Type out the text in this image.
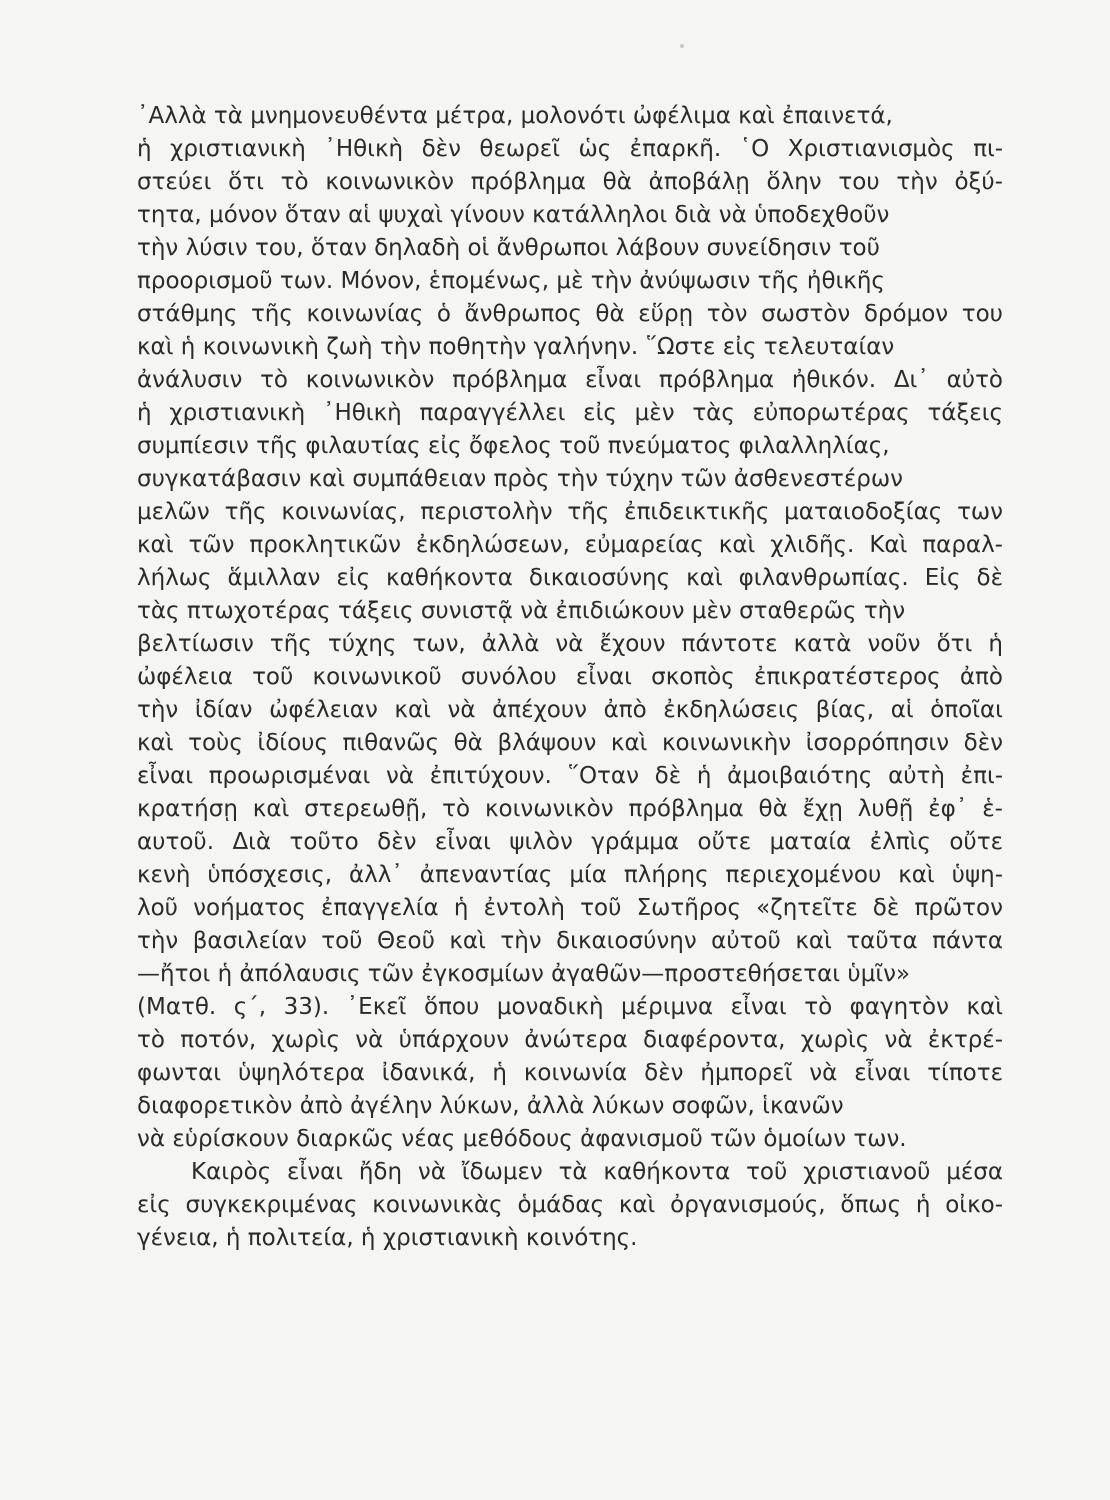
᾿Αλλὰ τὰ μνημονευθέντα μέτρα, μολονότι ὠφέλιμα καὶ ἐπαινετά,
ἡ χριστιανικὴ ᾿Ηθικὴ δὲν θεωρεῖ ὡς ἐπαρκῆ. ῾Ο Χριστιανισμὸς πι-
στεύει ὅτι τὸ κοινωνικὸν πρόβλημα θὰ ἀποβάλῃ ὅλην του τὴν ὀξύ-
τητα, μόνον ὅταν αἱ ψυχαὶ γίνουν κατάλληλοι διὰ νὰ ὑποδεχθοῦν
τὴν λύσιν του, ὅταν δηλαδὴ οἱ ἄνθρωποι λάβουν συνείδησιν τοῦ
προορισμοῦ των. Μόνον, ἑπομένως, μὲ τὴν ἀνύψωσιν τῆς ἠθικῆς
στάθμης τῆς κοινωνίας ὁ ἄνθρωπος θὰ εὕρῃ τὸν σωστὸν δρόμον του
καὶ ἡ κοινωνικὴ ζωὴ τὴν ποθητὴν γαλήνην. ῞Ωστε εἰς τελευταίαν
ἀνάλυσιν τὸ κοινωνικὸν πρόβλημα εἶναι πρόβλημα ἠθικόν. Δι᾿ αὐτὸ
ἡ χριστιανικὴ ᾿Ηθικὴ παραγγέλλει εἰς μὲν τὰς εὐπορωτέρας τάξεις
συμπίεσιν τῆς φιλαυτίας εἰς ὄφελος τοῦ πνεύματος φιλαλληλίας,
συγκατάβασιν καὶ συμπάθειαν πρὸς τὴν τύχην τῶν ἀσθενεστέρων
μελῶν τῆς κοινωνίας, περιστολὴν τῆς ἐπιδεικτικῆς ματαιοδοξίας των
καὶ τῶν προκλητικῶν ἐκδηλώσεων, εὐμαρείας καὶ χλιδῆς. Καὶ παραλ-
λήλως ἅμιλλαν εἰς καθήκοντα δικαιοσύνης καὶ φιλανθρωπίας. Εἰς δὲ
τὰς πτωχοτέρας τάξεις συνιστᾷ νὰ ἐπιδιώκουν μὲν σταθερῶς τὴν
βελτίωσιν τῆς τύχης των, ἀλλὰ νὰ ἔχουν πάντοτε κατὰ νοῦν ὅτι ἡ
ὠφέλεια τοῦ κοινωνικοῦ συνόλου εἶναι σκοπὸς ἐπικρατέστερος ἀπὸ
τὴν ἰδίαν ὠφέλειαν καὶ νὰ ἀπέχουν ἀπὸ ἐκδηλώσεις βίας, αἱ ὁποῖαι
καὶ τοὺς ἰδίους πιθανῶς θὰ βλάψουν καὶ κοινωνικὴν ἰσορρόπησιν δὲν
εἶναι προωρισμέναι νὰ ἐπιτύχουν. ῞Οταν δὲ ἡ ἀμοιβαιότης αὐτὴ ἐπι-
κρατήσῃ καὶ στερεωθῇ, τὸ κοινωνικὸν πρόβλημα θὰ ἔχῃ λυθῇ ἐφ᾿ ἑ-
αυτοῦ. Διὰ τοῦτο δὲν εἶναι ψιλὸν γράμμα οὔτε ματαία ἐλπὶς οὔτε
κενὴ ὑπόσχεσις, ἀλλ᾿ ἀπεναντίας μία πλήρης περιεχομένου καὶ ὑψη-
λοῦ νοήματος ἐπαγγελία ἡ ἐντολὴ τοῦ Σωτῆρος «ζητεῖτε δὲ πρῶτον
τὴν βασιλείαν τοῦ Θεοῦ καὶ τὴν δικαιοσύνην αὐτοῦ καὶ ταῦτα πάντα
—ἤτοι ἡ ἀπόλαυσις τῶν ἐγκοσμίων ἀγαθῶν—προστεθήσεται ὑμῖν»
(Ματθ. ς΄, 33). ᾿Εκεῖ ὅπου μοναδικὴ μέριμνα εἶναι τὸ φαγητὸν καὶ
τὸ ποτόν, χωρὶς νὰ ὑπάρχουν ἀνώτερα διαφέροντα, χωρὶς νὰ ἐκτρέ-
φωνται ὑψηλότερα ἰδανικά, ἡ κοινωνία δὲν ἠμπορεῖ νὰ εἶναι τίποτε
διαφορετικὸν ἀπὸ ἀγέλην λύκων, ἀλλὰ λύκων σοφῶν, ἱκανῶν
νὰ εὑρίσκουν διαρκῶς νέας μεθόδους ἀφανισμοῦ τῶν ὁμοίων των.
Καιρὸς εἶναι ἤδη νὰ ἴδωμεν τὰ καθήκοντα τοῦ χριστιανοῦ μέσα
εἰς συγκεκριμένας κοινωνικὰς ὁμάδας καὶ ὀργανισμούς, ὅπως ἡ οἰκο-
γένεια, ἡ πολιτεία, ἡ χριστιανικὴ κοινότης.
